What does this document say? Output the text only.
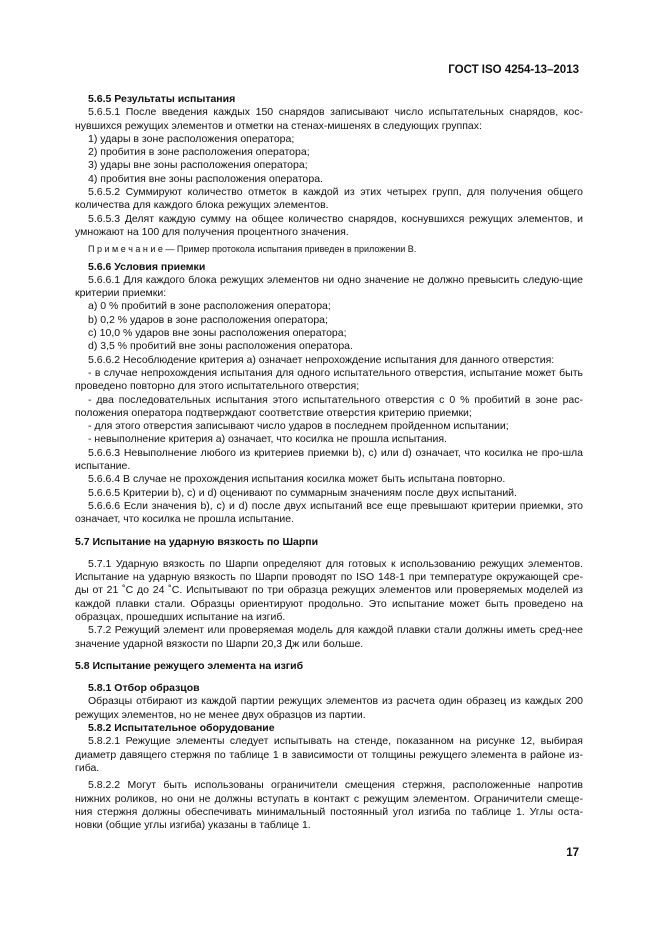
ГОСТ ISO 4254-13–2013

5.6.5 Результаты испытания

5.6.5.1 После введения каждых 150 снарядов записывают число испытательных снарядов, кос-нувшихся режущих элементов и отметки на стенах-мишенях в следующих группах:

1) удары в зоне расположения оператора;

2) пробития в зоне расположения оператора;

3) удары вне зоны расположения оператора;

4) пробития вне зоны расположения оператора.

5.6.5.2 Суммируют количество отметок в каждой из этих четырех групп, для получения общего количества для каждого блока режущих элементов.

5.6.5.3 Делят каждую сумму на общее количество снарядов, коснувшихся режущих элементов, и умножают на 100 для получения процентного значения.

П р и м е ч а н и е — Пример протокола испытания приведен в приложении В.

5.6.6 Условия приемки

5.6.6.1 Для каждого блока режущих элементов ни одно значение не должно превысить следую-щие критерии приемки:

a) 0 % пробитий в зоне расположения оператора;

b) 0,2 % ударов в зоне расположения оператора;

c) 10,0 % ударов вне зоны расположения оператора;

d) 3,5 % пробитий вне зоны расположения оператора.

5.6.6.2 Несоблюдение критерия a) означает непрохождение испытания для данного отверстия:

- в случае непрохождения испытания для одного испытательного отверстия, испытание может быть проведено повторно для этого испытательного отверстия;

- два последовательных испытания этого испытательного отверстия с 0 % пробитий в зоне рас-положения оператора подтверждают соответствие отверстия критерию приемки;

- для этого отверстия записывают число ударов в последнем пройденном испытании;

- невыполнение критерия a) означает, что косилка не прошла испытания.

5.6.6.3 Невыполнение любого из критериев приемки b), c) или d) означает, что косилка не про-шла испытание.

5.6.6.4 В случае не прохождения испытания косилка может быть испытана повторно.

5.6.6.5 Критерии b), c) и d) оценивают по суммарным значениям после двух испытаний.

5.6.6.6 Если значения b), c) и d) после двух испытаний все еще превышают критерии приемки, это означает, что косилка не прошла испытание.

5.7 Испытание на ударную вязкость по Шарпи

5.7.1 Ударную вязкость по Шарпи определяют для готовых к использованию режущих элементов. Испытание на ударную вязкость по Шарпи проводят по ISO 148-1 при температуре окружающей сре-ды от 21 ˚С до 24 ˚С. Испытывают по три образца режущих элементов или проверяемых моделей из каждой плавки стали. Образцы ориентируют продольно. Это испытание может быть проведено на образцах, прошедших испытание на изгиб.

5.7.2 Режущий элемент или проверяемая модель для каждой плавки стали должны иметь сред-нее значение ударной вязкости по Шарпи 20,3 Дж или больше.

5.8 Испытание режущего элемента на изгиб

5.8.1 Отбор образцов

Образцы отбирают из каждой партии режущих элементов из расчета один образец из каждых 200 режущих элементов, но не менее двух образцов из партии.

5.8.2 Испытательное оборудование

5.8.2.1 Режущие элементы следует испытывать на стенде, показанном на рисунке 12, выбирая диаметр давящего стержня по таблице 1 в зависимости от толщины режущего элемента в районе из-гиба.

5.8.2.2 Могут быть использованы ограничители смещения стержня, расположенные напротив нижних роликов, но они не должны вступать в контакт с режущим элементом. Ограничители смеще-ния стержня должны обеспечивать минимальный постоянный угол изгиба по таблице 1. Углы оста-новки (общие углы изгиба) указаны в таблице 1.

17
